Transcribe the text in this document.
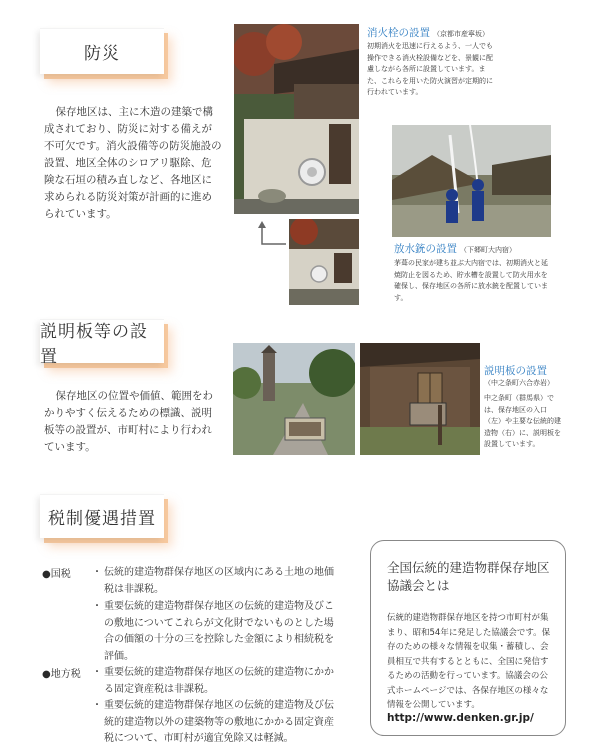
防災

保存地区は、主に木造の建築で構成されており、防災に対する備えが不可欠です。消火設備等の防災施設の設置、地区全体のシロアリ駆除、危険な石垣の積み直しなど、各地区に求められる防災対策が計画的に進められています。

消火栓の設置 （京都市産寧坂）

初期消火を迅速に行えるよう、一人でも操作できる消火栓設備などを、景観に配慮しながら各所に設置しています。また、これらを用いた防火演習が定期的に行われています。

放水銃の設置 （下郷町大内宿）

茅葺の民家が建ち並ぶ大内宿では、初期消火と延焼防止を図るため、貯水槽を設置して防火用水を確保し、保存地区の各所に放水銃を配置しています。

説明板等の設置

保存地区の位置や価値、範囲をわかりやすく伝えるための標識、説明板等の設置が、市町村により行われています。

説明板の設置

（中之条町六合赤岩）

中之条町（群馬県）では、保存地区の入口（左）や主要な伝統的建造物（右）に、説明板を設置しています。

税制優遇措置
●国税 ・ 伝統的建造物群保存地区の区域内にある土地の地価税は非課税。
・ 重要伝統的建造物群保存地区の伝統的建造物及びこの敷地についてこれらが文化財でないものとした場合の価額の十分の三を控除した金額により相続税を評価。
●地方税 ・ 重要伝統的建造物群保存地区の伝統的建造物にかかる固定資産税は非課税。
・ 重要伝統的建造物群保存地区の伝統的建造物及び伝統的建造物以外の建築物等の敷地にかかる固定資産税について、市町村が適宜免除又は軽減。
全国伝統的建造物群保存地区
協議会とは

伝統的建造物群保存地区を持つ市町村が集まり、昭和54年に発足した協議会です。保存のための様々な情報を収集・蓄積し、会員相互で共有するとともに、全国に発信するための活動を行っています。協議会の公式ホームページでは、各保存地区の様々な情報を公開しています。

http://www.denken.gr.jp/
